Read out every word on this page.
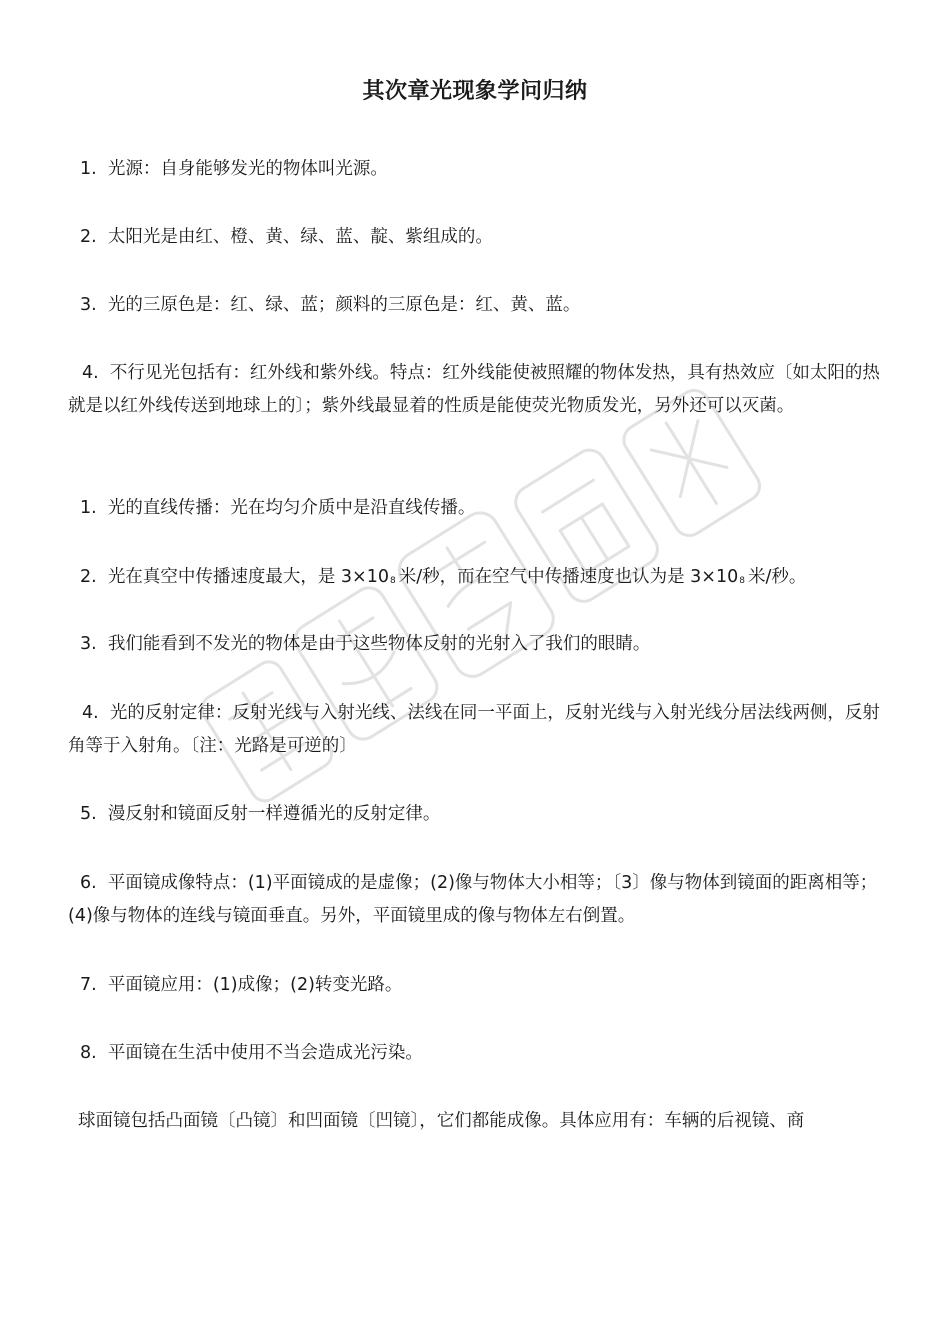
其次章光现象学问归纳
1. 光源：自身能够发光的物体叫光源。
2. 太阳光是由红、橙、黄、绿、蓝、靛、紫组成的。
3. 光的三原色是：红、绿、蓝；颜料的三原色是：红、黄、蓝。
4. 不行见光包括有：红外线和紫外线。特点：红外线能使被照耀的物体发热，具有热效应〔如太阳的热就是以红外线传送到地球上的〕；紫外线最显着的性质是能使荧光物质发光，另外还可以灭菌。
1. 光的直线传播：光在均匀介质中是沿直线传播。
2. 光在真空中传播速度最大，是 $3\times 10^8$ 米/秒，而在空气中传播速度也认为是 $3\times 10^8$ 米/秒。
3. 我们能看到不发光的物体是由于这些物体反射的光射入了我们的眼睛。
4. 光的反射定律：反射光线与入射光线、法线在同一平面上，反射光线与入射光线分居法线两侧，反射角等于入射角。〔注：光路是可逆的〕
5. 漫反射和镜面反射一样遵循光的反射定律。
6. 平面镜成像特点：(1)平面镜成的是虚像；(2)像与物体大小相等；〔3〕像与物体到镜面的距离相等；(4)像与物体的连线与镜面垂直。另外，平面镜里成的像与物体左右倒置。
7. 平面镜应用：(1)成像；(2)转变光路。
8. 平面镜在生活中使用不当会造成光污染。
球面镜包括凸面镜〔凸镜〕和凹面镜〔凹镜〕，它们都能成像。具体应用有：车辆的后视镜、商
